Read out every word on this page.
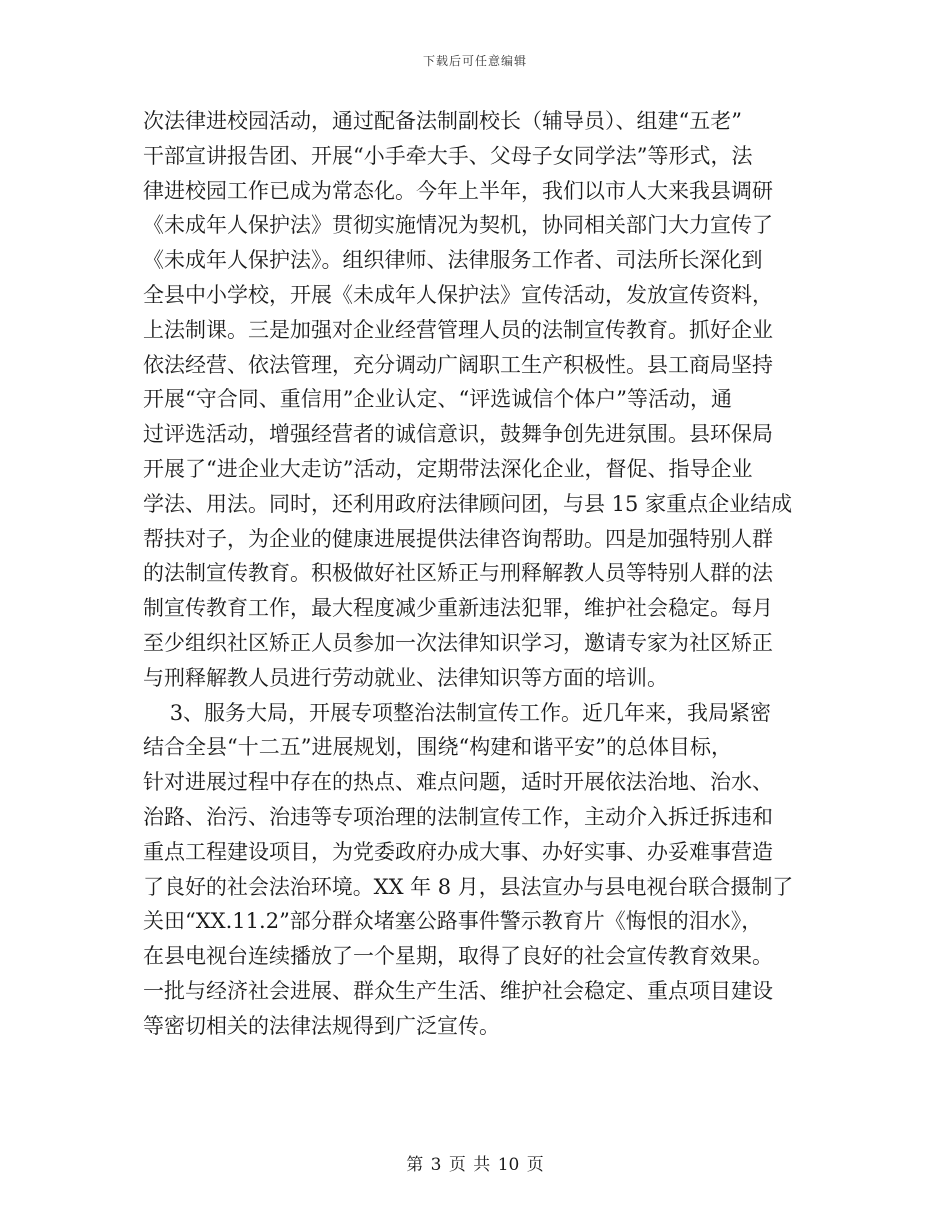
下载后可任意编辑
次法律进校园活动，通过配备法制副校长（辅导员）、组建“五老”
干部宣讲报告团、开展“小手牵大手、父母子女同学法”等形式，法
律进校园工作已成为常态化。今年上半年，我们以市人大来我县调研
《未成年人保护法》贯彻实施情况为契机，协同相关部门大力宣传了
《未成年人保护法》。组织律师、法律服务工作者、司法所长深化到
全县中小学校，开展《未成年人保护法》宣传活动，发放宣传资料，
上法制课。三是加强对企业经营管理人员的法制宣传教育。抓好企业
依法经营、依法管理，充分调动广阔职工生产积极性。县工商局坚持
开展“守合同、重信用”企业认定、“评选诚信个体户”等活动，通
过评选活动，增强经营者的诚信意识，鼓舞争创先进氛围。县环保局
开展了“进企业大走访”活动，定期带法深化企业，督促、指导企业
学法、用法。同时，还利用政府法律顾问团，与县 15 家重点企业结成
帮扶对子，为企业的健康进展提供法律咨询帮助。四是加强特别人群
的法制宣传教育。积极做好社区矫正与刑释解教人员等特别人群的法
制宣传教育工作，最大程度减少重新违法犯罪，维护社会稳定。每月
至少组织社区矫正人员参加一次法律知识学习，邀请专家为社区矫正
与刑释解教人员进行劳动就业、法律知识等方面的培训。
3、服务大局，开展专项整治法制宣传工作。近几年来，我局紧密
结合全县“十二五”进展规划，围绕“构建和谐平安”的总体目标，
针对进展过程中存在的热点、难点问题，适时开展依法治地、治水、
治路、治污、治违等专项治理的法制宣传工作，主动介入拆迁拆违和
重点工程建设项目，为党委政府办成大事、办好实事、办妥难事营造
了良好的社会法治环境。XX 年 8 月，县法宣办与县电视台联合摄制了
关田“XX.11.2”部分群众堵塞公路事件警示教育片《悔恨的泪水》，
在县电视台连续播放了一个星期，取得了良好的社会宣传教育效果。
一批与经济社会进展、群众生产生活、维护社会稳定、重点项目建设
等密切相关的法律法规得到广泛宣传。
第 3 页 共 10 页
